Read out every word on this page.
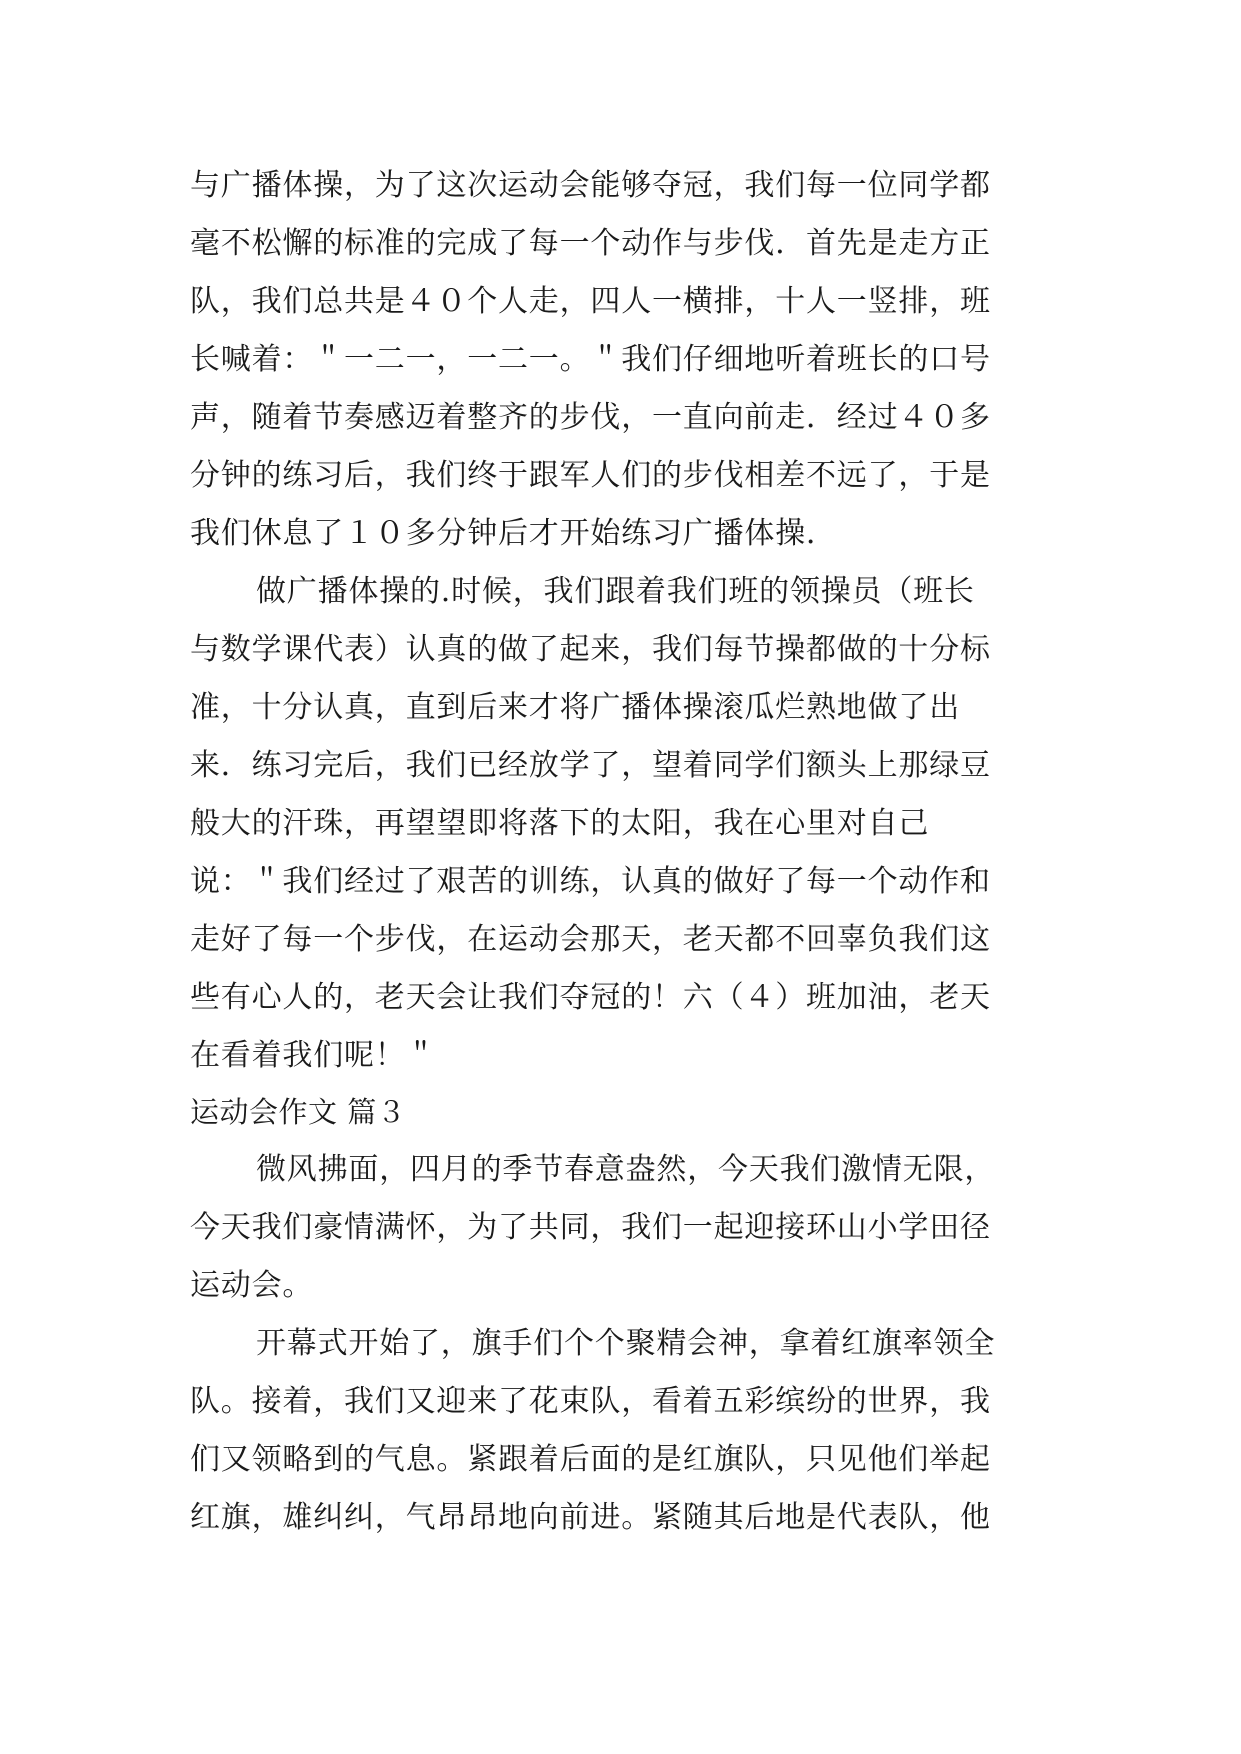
与广播体操，为了这次运动会能够夺冠，我们每一位同学都
毫不松懈的标准的完成了每一个动作与步伐．首先是走方正
队，我们总共是４０个人走，四人一横排，十人一竖排，班
长喊着：＂一二一，一二一。＂我们仔细地听着班长的口号
声，随着节奏感迈着整齐的步伐，一直向前走．经过４０多
分钟的练习后，我们终于跟军人们的步伐相差不远了，于是
我们休息了１０多分钟后才开始练习广播体操．
做广播体操的.时候，我们跟着我们班的领操员（班长
与数学课代表）认真的做了起来，我们每节操都做的十分标
准，十分认真，直到后来才将广播体操滚瓜烂熟地做了出
来．练习完后，我们已经放学了，望着同学们额头上那绿豆
般大的汗珠，再望望即将落下的太阳，我在心里对自己
说：＂我们经过了艰苦的训练，认真的做好了每一个动作和
走好了每一个步伐，在运动会那天，老天都不回辜负我们这
些有心人的，老天会让我们夺冠的！六（４）班加油，老天
在看着我们呢！＂
运动会作文 篇３
微风拂面，四月的季节春意盎然，今天我们激情无限，
今天我们豪情满怀，为了共同，我们一起迎接环山小学田径
运动会。
开幕式开始了，旗手们个个聚精会神，拿着红旗率领全
队。接着，我们又迎来了花束队，看着五彩缤纷的世界，我
们又领略到的气息。紧跟着后面的是红旗队，只见他们举起
红旗，雄纠纠，气昂昂地向前进。紧随其后地是代表队，他
